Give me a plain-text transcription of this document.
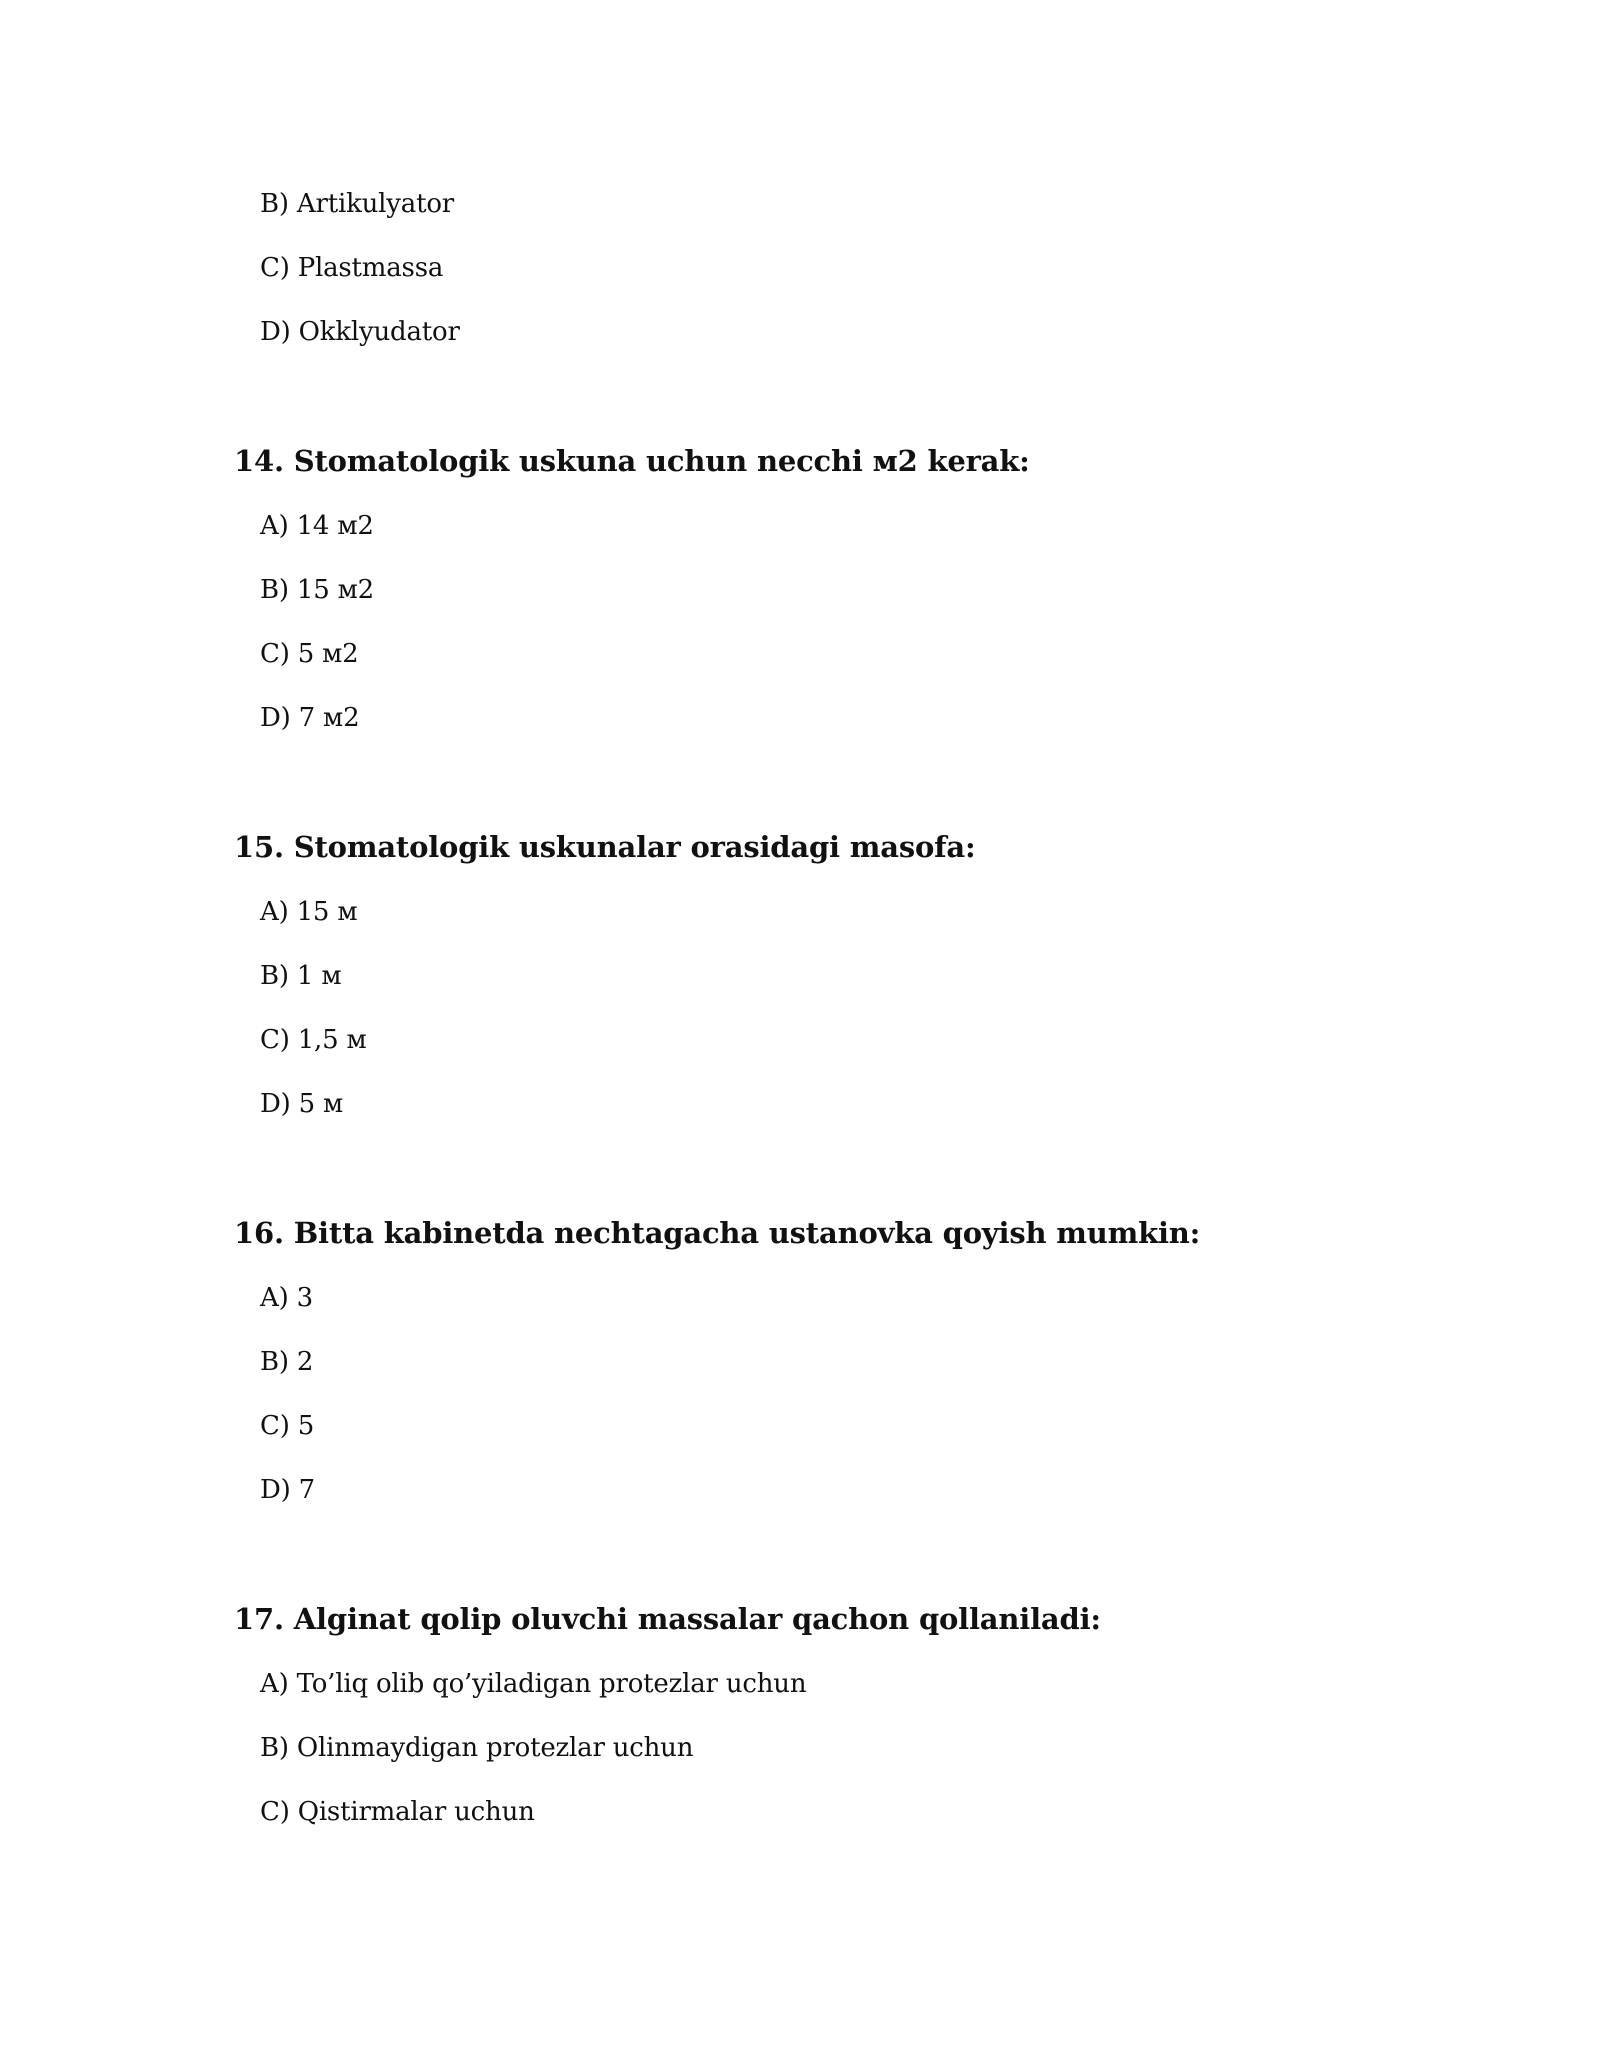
B) Artikulyator
C) Plastmassa
D) Okklyudator
14. Stomatologik uskuna uchun necchi м2 kerak:
A) 14 м2
B) 15 м2
C) 5 м2
D) 7 м2
15. Stomatologik uskunalar orasidagi masofa:
A) 15 м
B) 1 м
C) 1,5 м
D) 5 м
16. Bitta kabinetda nechtagacha ustanovka qoyish mumkin:
A) 3
B) 2
C) 5
D) 7
17. Alginat qolip oluvchi massalar qachon qollaniladi:
A) To’liq olib qo’yiladigan protezlar uchun
B) Olinmaydigan protezlar uchun
C) Qistirmalar uchun
